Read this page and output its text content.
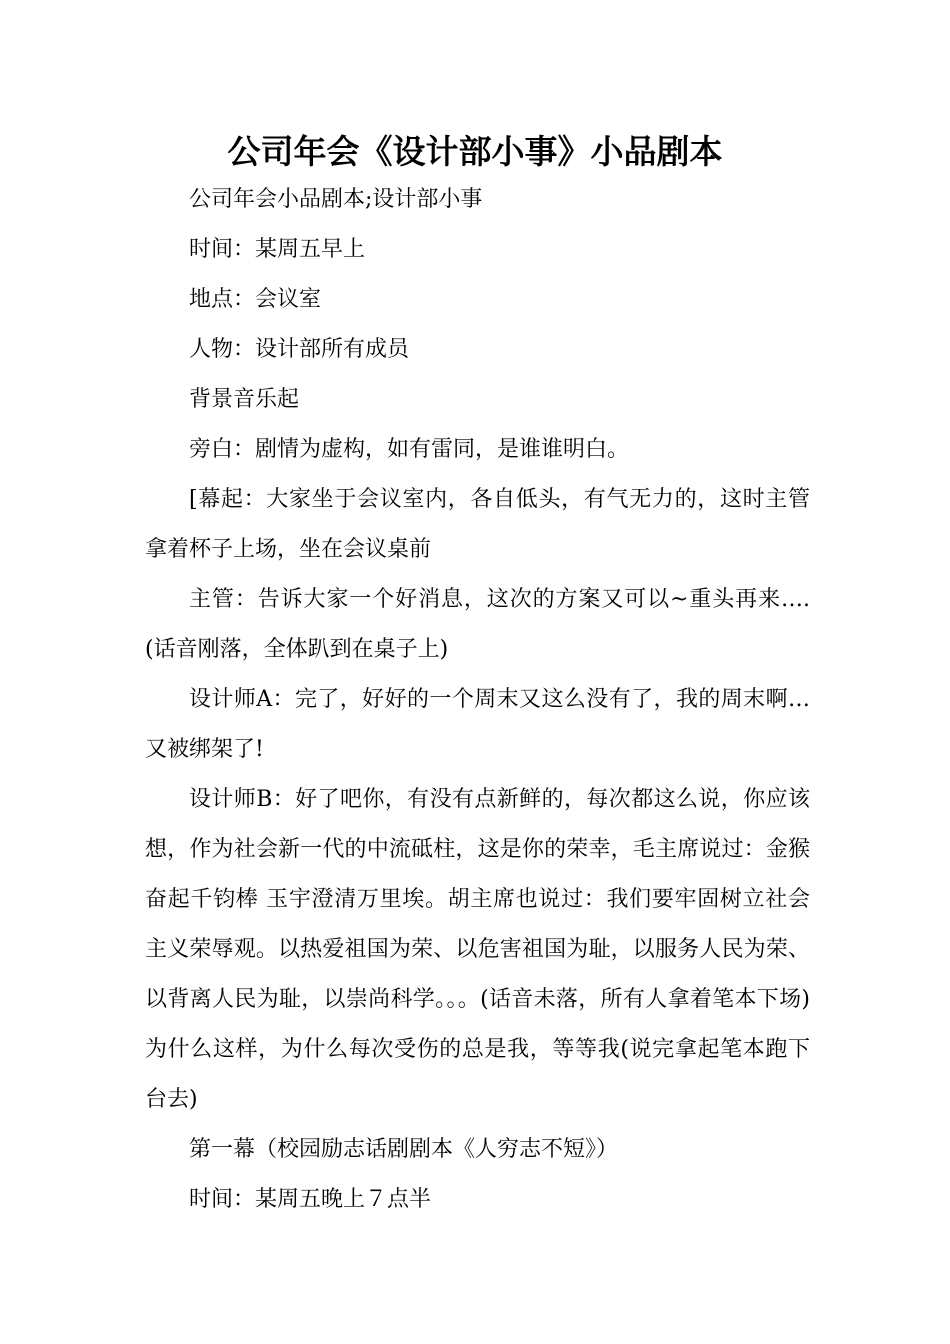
公司年会《设计部小事》小品剧本

公司年会小品剧本;设计部小事

时间：某周五早上

地点：会议室

人物：设计部所有成员

背景音乐起

旁白：剧情为虚构，如有雷同，是谁谁明白。

[幕起：大家坐于会议室内，各自低头，有气无力的，这时主管拿着杯子上场，坐在会议桌前

主管：告诉大家一个好消息，这次的方案又可以~重头再来….(话音刚落，全体趴到在桌子上)

设计师A：完了，好好的一个周末又这么没有了，我的周末啊…又被绑架了!

设计师B：好了吧你，有没有点新鲜的，每次都这么说，你应该想，作为社会新一代的中流砥柱，这是你的荣幸，毛主席说过：金猴奋起千钧棒 玉宇澄清万里埃。胡主席也说过：我们要牢固树立社会主义荣辱观。以热爱祖国为荣、以危害祖国为耻，以服务人民为荣、以背离人民为耻，以崇尚科学。。。(话音未落，所有人拿着笔本下场)为什么这样，为什么每次受伤的总是我，等等我(说完拿起笔本跑下台去)

第一幕（校园励志话剧剧本《人穷志不短》）

时间：某周五晚上７点半
